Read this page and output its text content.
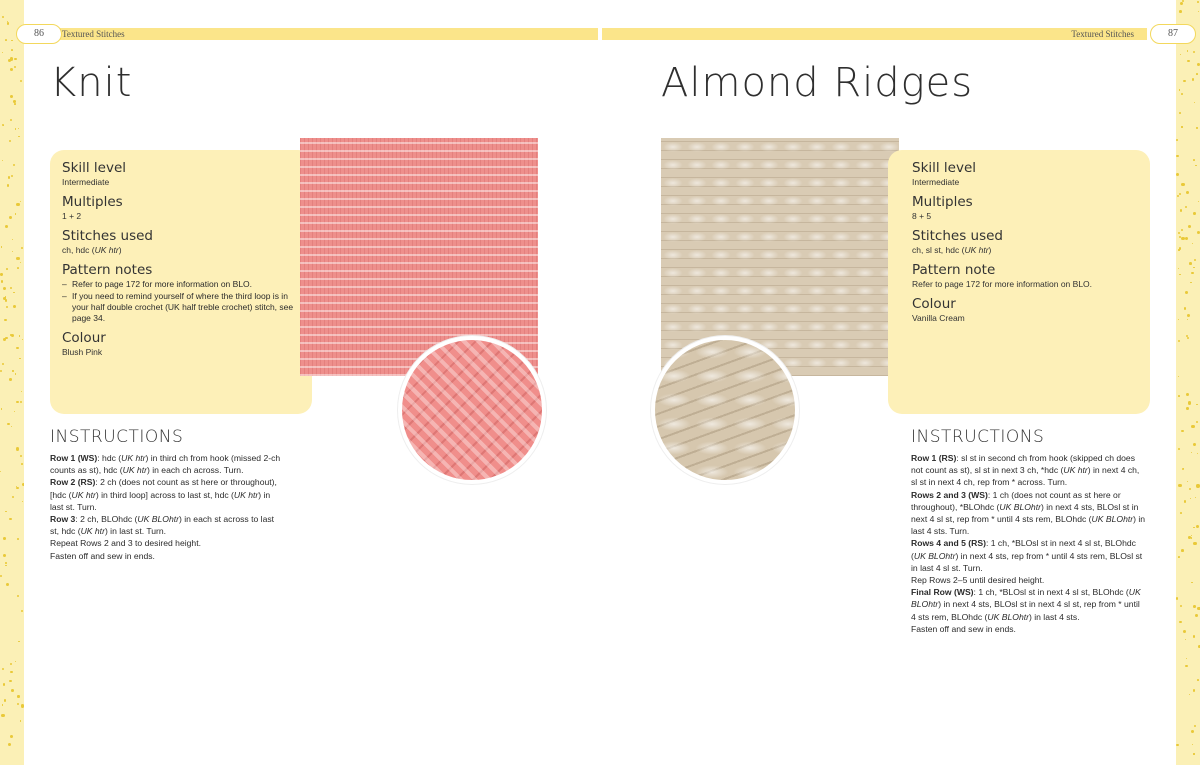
86	87
Textured Stitches	Textured Stitches
Knit
Skill level
Intermediate
Multiples
1 + 2
Stitches used
ch, hdc (UK htr)
Pattern notes
– Refer to page 172 for more information on BLO.
– If you need to remind yourself of where the third loop is in your half double crochet (UK half treble crochet) stitch, see page 34.
Colour
Blush Pink
INSTRUCTIONS

Row 1 (WS): hdc (UK htr) in third ch from hook (missed 2-ch counts as st), hdc (UK htr) in each ch across. Turn.

Row 2 (RS): 2 ch (does not count as st here or throughout), [hdc (UK htr) in third loop] across to last st, hdc (UK htr) in last st. Turn.

Row 3: 2 ch, BLOhdc (UK BLOhtr) in each st across to last st, hdc (UK htr) in last st. Turn.

Repeat Rows 2 and 3 to desired height.

Fasten off and sew in ends.

Almond Ridges
Skill level
Intermediate
Multiples
8 + 5
Stitches used
ch, sl st, hdc (UK htr)
Pattern note
Refer to page 172 for more information on BLO.
Colour
Vanilla Cream
INSTRUCTIONS

Row 1 (RS): sl st in second ch from hook (skipped ch does not count as st), sl st in next 3 ch, *hdc (UK htr) in next 4 ch, sl st in next 4 ch, rep from * across. Turn.

Rows 2 and 3 (WS): 1 ch (does not count as st here or throughout), *BLOhdc (UK BLOhtr) in next 4 sts, BLOsl st in next 4 sl st, rep from * until 4 sts rem, BLOhdc (UK BLOhtr) in last 4 sts. Turn.

Rows 4 and 5 (RS): 1 ch, *BLOsl st in next 4 sl st, BLOhdc (UK BLOhtr) in next 4 sts, rep from * until 4 sts rem, BLOsl st in last 4 sl st. Turn.

Rep Rows 2–5 until desired height.

Final Row (WS): 1 ch, *BLOsl st in next 4 sl st, BLOhdc (UK BLOhtr) in next 4 sts, BLOsl st in next 4 sl st, rep from * until 4 sts rem, BLOhdc (UK BLOhtr) in last 4 sts.

Fasten off and sew in ends.
